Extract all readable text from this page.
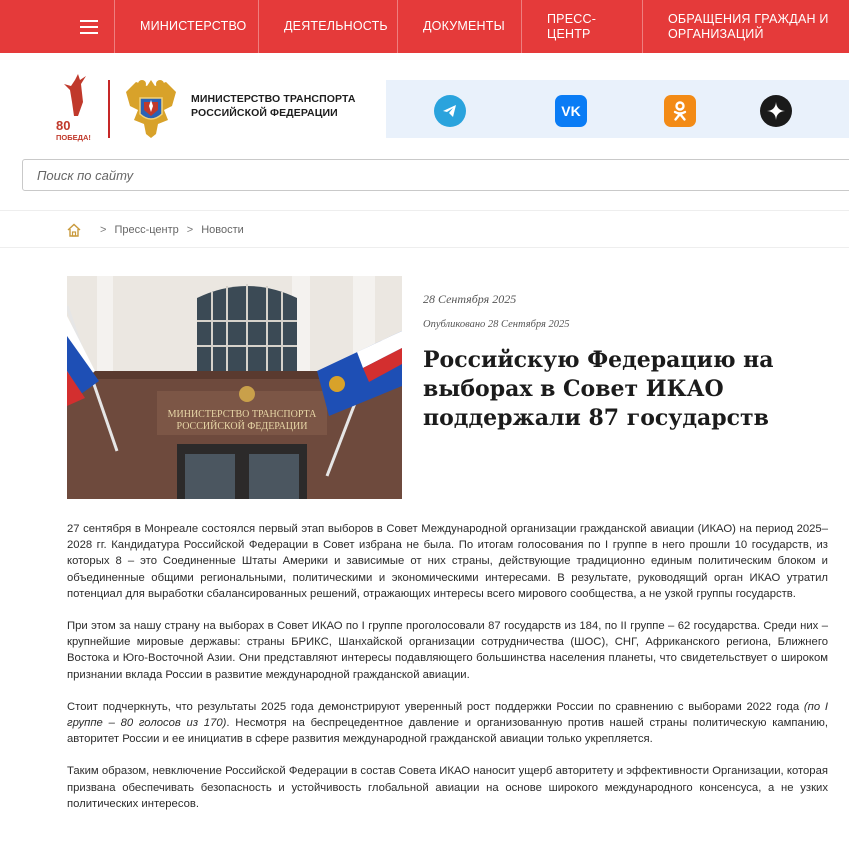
МИНИСТЕРСТВО	ДЕЯТЕЛЬНОСТЬ	ДОКУМЕНТЫ
ПРЕСС-ЦЕНТР
ОБРАЩЕНИЯ ГРАЖДАН И ОРГАНИЗАЦИЙ
80
ПОБЕДА!
МИНИСТЕРСТВО ТРАНСПОРТА
РОССИЙСКОЙ ФЕДЕРАЦИИ	VK
Поиск по сайту
> Пресс-центр > Новости
МИНИСТЕРСТВО ТРАНСПОРТА
РОССИЙСКОЙ ФЕДЕРАЦИИ
28 Сентября 2025
Опубликовано 28 Сентября 2025
Российскую Федерацию на выборах в Совет ИКАО поддержали 87 государств

27 сентября в Монреале состоялся первый этап выборов в Совет Международной организации гражданской авиации (ИКАО) на период 2025–2028 гг. Кандидатура Российской Федерации в Совет избрана не была. По итогам голосования по I группе в него прошли 10 государств, из которых 8 – это Соединенные Штаты Америки и зависимые от них страны, действующие традиционно единым политическим блоком и объединенные общими региональными, политическими и экономическими интересами. В результате, руководящий орган ИКАО утратил потенциал для выработки сбалансированных решений, отражающих интересы всего мирового сообщества, а не узкой группы государств.

При этом за нашу страну на выборах в Совет ИКАО по I группе проголосовали 87 государств из 184, по II группе – 62 государства. Среди них – крупнейшие мировые державы: страны БРИКС, Шанхайской организации сотрудничества (ШОС), СНГ, Африканского региона, Ближнего Востока и Юго-Восточной Азии. Они представляют интересы подавляющего большинства населения планеты, что свидетельствует о широком признании вклада России в развитие международной гражданской авиации.

Стоит подчеркнуть, что результаты 2025 года демонстрируют уверенный рост поддержки России по сравнению с выборами 2022 года (по I группе – 80 голосов из 170). Несмотря на беспрецедентное давление и организованную против нашей страны политическую кампанию, авторитет России и ее инициатив в сфере развития международной гражданской авиации только укрепляется.

Таким образом, невключение Российской Федерации в состав Совета ИКАО наносит ущерб авторитету и эффективности Организации, которая призвана обеспечивать безопасность и устойчивость глобальной авиации на основе широкого международного консенсуса, а не узких политических интересов.
